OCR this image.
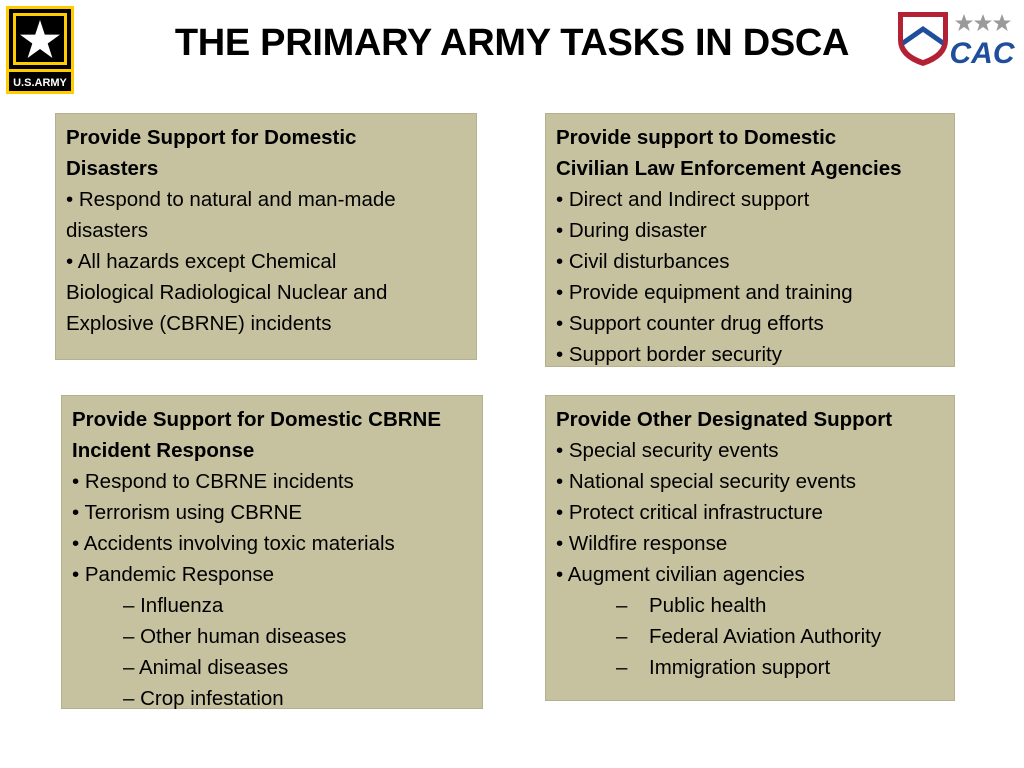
U.S.ARMY
THE PRIMARY ARMY TASKS IN DSCA	CAC
Provide Support for Domestic
Disasters
• Respond to natural and man-made
disasters
• All hazards except Chemical
Biological Radiological Nuclear and
Explosive (CBRNE) incidents
Provide support to Domestic
Civilian Law Enforcement Agencies
• Direct and Indirect support
• During disaster
• Civil disturbances
• Provide equipment and training
• Support counter drug efforts
• Support border security
Provide Support for Domestic CBRNE
Incident Response
• Respond to CBRNE incidents
• Terrorism using CBRNE
• Accidents involving toxic materials
• Pandemic Response
– Influenza
– Other human diseases
– Animal diseases
– Crop infestation
Provide Other Designated Support
• Special security events
• National special security events
• Protect critical infrastructure
• Wildfire response
• Augment civilian agencies
– Public health
– Federal Aviation Authority
– Immigration support
